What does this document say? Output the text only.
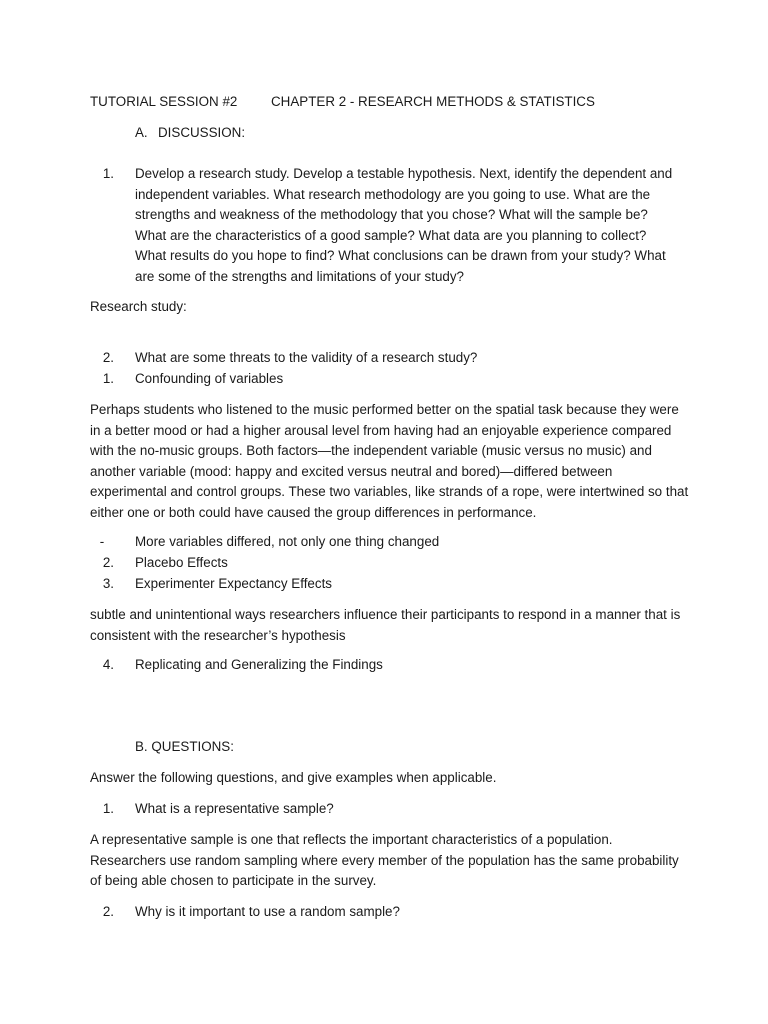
TUTORIAL SESSION #2	CHAPTER 2 - RESEARCH METHODS & STATISTICS
A. DISCUSSION:
1. Develop a research study. Develop a testable hypothesis. Next, identify the dependent and independent variables. What research methodology are you going to use. What are the strengths and weakness of the methodology that you chose? What will the sample be? What are the characteristics of a good sample? What data are you planning to collect? What results do you hope to find? What conclusions can be drawn from your study? What are some of the strengths and limitations of your study?
Research study:
2. What are some threats to the validity of a research study?
1. Confounding of variables

Perhaps students who listened to the music performed better on the spatial task because they were in a better mood or had a higher arousal level from having had an enjoyable experience compared with the no-music groups. Both factors—the independent variable (music versus no music) and another variable (mood: happy and excited versus neutral and bored)—differed between experimental and control groups. These two variables, like strands of a rope, were intertwined so that either one or both could have caused the group differences in performance.

-	More variables differed, not only one thing changed
2. Placebo Effects
3. Experimenter Expectancy Effects

subtle and unintentional ways researchers influence their participants to respond in a manner that is consistent with the researcher’s hypothesis

4. Replicating and Generalizing the Findings
B. QUESTIONS:
Answer the following questions, and give examples when applicable.
1. What is a representative sample?

A representative sample is one that reflects the important characteristics of a population. Researchers use random sampling where every member of the population has the same probability of being able chosen to participate in the survey.

2. Why is it important to use a random sample?
